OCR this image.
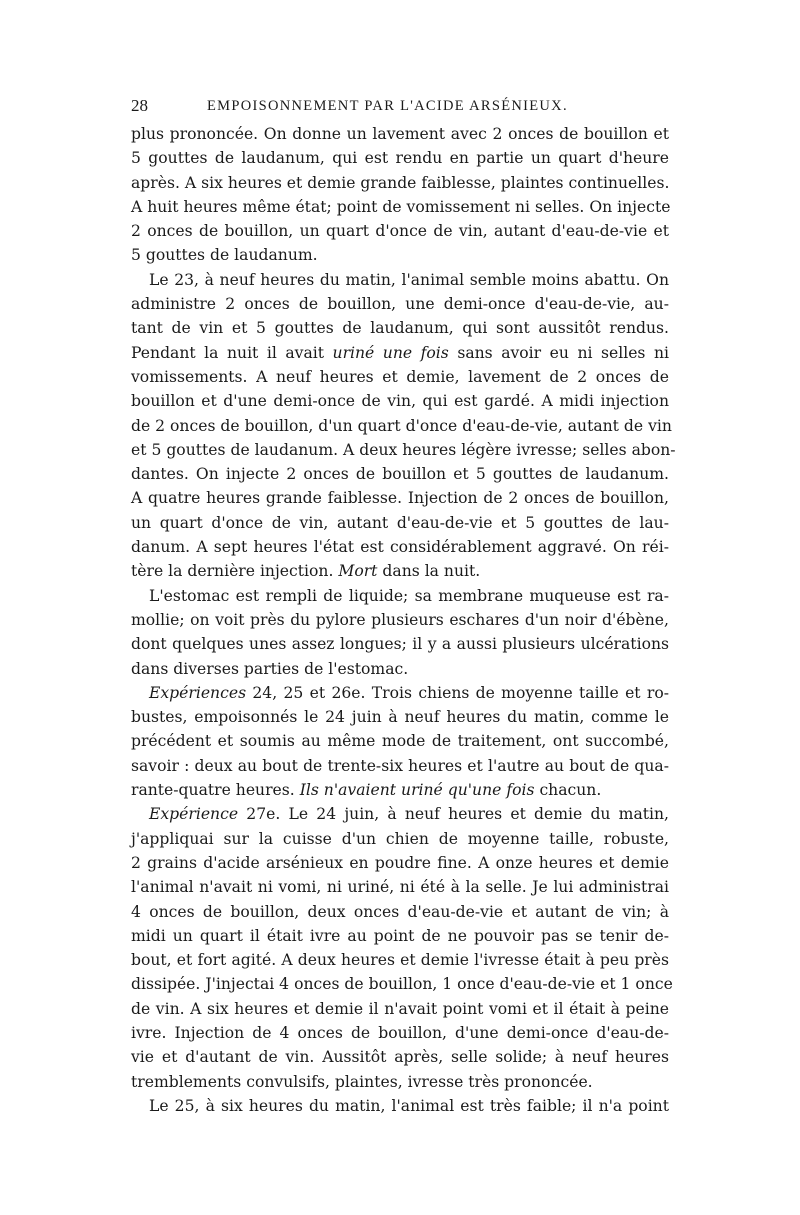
28	EMPOISONNEMENT PAR L'ACIDE ARSÉNIEUX.
plus prononcée. On donne un lavement avec 2 onces de bouillon et
5 gouttes de laudanum, qui est rendu en partie un quart d'heure
après. A six heures et demie grande faiblesse, plaintes continuelles.
A huit heures même état; point de vomissement ni selles. On injecte
2 onces de bouillon, un quart d'once de vin, autant d'eau-de-vie et
5 gouttes de laudanum.
Le 23, à neuf heures du matin, l'animal semble moins abattu. On
administre 2 onces de bouillon, une demi-once d'eau-de-vie, au-
tant de vin et 5 gouttes de laudanum, qui sont aussitôt rendus.
Pendant la nuit il avait uriné une fois sans avoir eu ni selles ni
vomissements. A neuf heures et demie, lavement de 2 onces de
bouillon et d'une demi-once de vin, qui est gardé. A midi injection
de 2 onces de bouillon, d'un quart d'once d'eau-de-vie, autant de vin
et 5 gouttes de laudanum. A deux heures légère ivresse; selles abon-
dantes. On injecte 2 onces de bouillon et 5 gouttes de laudanum.
A quatre heures grande faiblesse. Injection de 2 onces de bouillon,
un quart d'once de vin, autant d'eau-de-vie et 5 gouttes de lau-
danum. A sept heures l'état est considérablement aggravé. On réi-
tère la dernière injection. Mort dans la nuit.
L'estomac est rempli de liquide; sa membrane muqueuse est ra-
mollie; on voit près du pylore plusieurs eschares d'un noir d'ébène,
dont quelques unes assez longues; il y a aussi plusieurs ulcérations
dans diverses parties de l'estomac.
Expériences 24, 25 et 26e. Trois chiens de moyenne taille et ro-
bustes, empoisonnés le 24 juin à neuf heures du matin, comme le
précédent et soumis au même mode de traitement, ont succombé,
savoir : deux au bout de trente-six heures et l'autre au bout de qua-
rante-quatre heures. Ils n'avaient uriné qu'une fois chacun.
Expérience 27e. Le 24 juin, à neuf heures et demie du matin,
j'appliquai sur la cuisse d'un chien de moyenne taille, robuste,
2 grains d'acide arsénieux en poudre fine. A onze heures et demie
l'animal n'avait ni vomi, ni uriné, ni été à la selle. Je lui administrai
4 onces de bouillon, deux onces d'eau-de-vie et autant de vin; à
midi un quart il était ivre au point de ne pouvoir pas se tenir de-
bout, et fort agité. A deux heures et demie l'ivresse était à peu près
dissipée. J'injectai 4 onces de bouillon, 1 once d'eau-de-vie et 1 once
de vin. A six heures et demie il n'avait point vomi et il était à peine
ivre. Injection de 4 onces de bouillon, d'une demi-once d'eau-de-
vie et d'autant de vin. Aussitôt après, selle solide; à neuf heures
tremblements convulsifs, plaintes, ivresse très prononcée.
Le 25, à six heures du matin, l'animal est très faible; il n'a point
